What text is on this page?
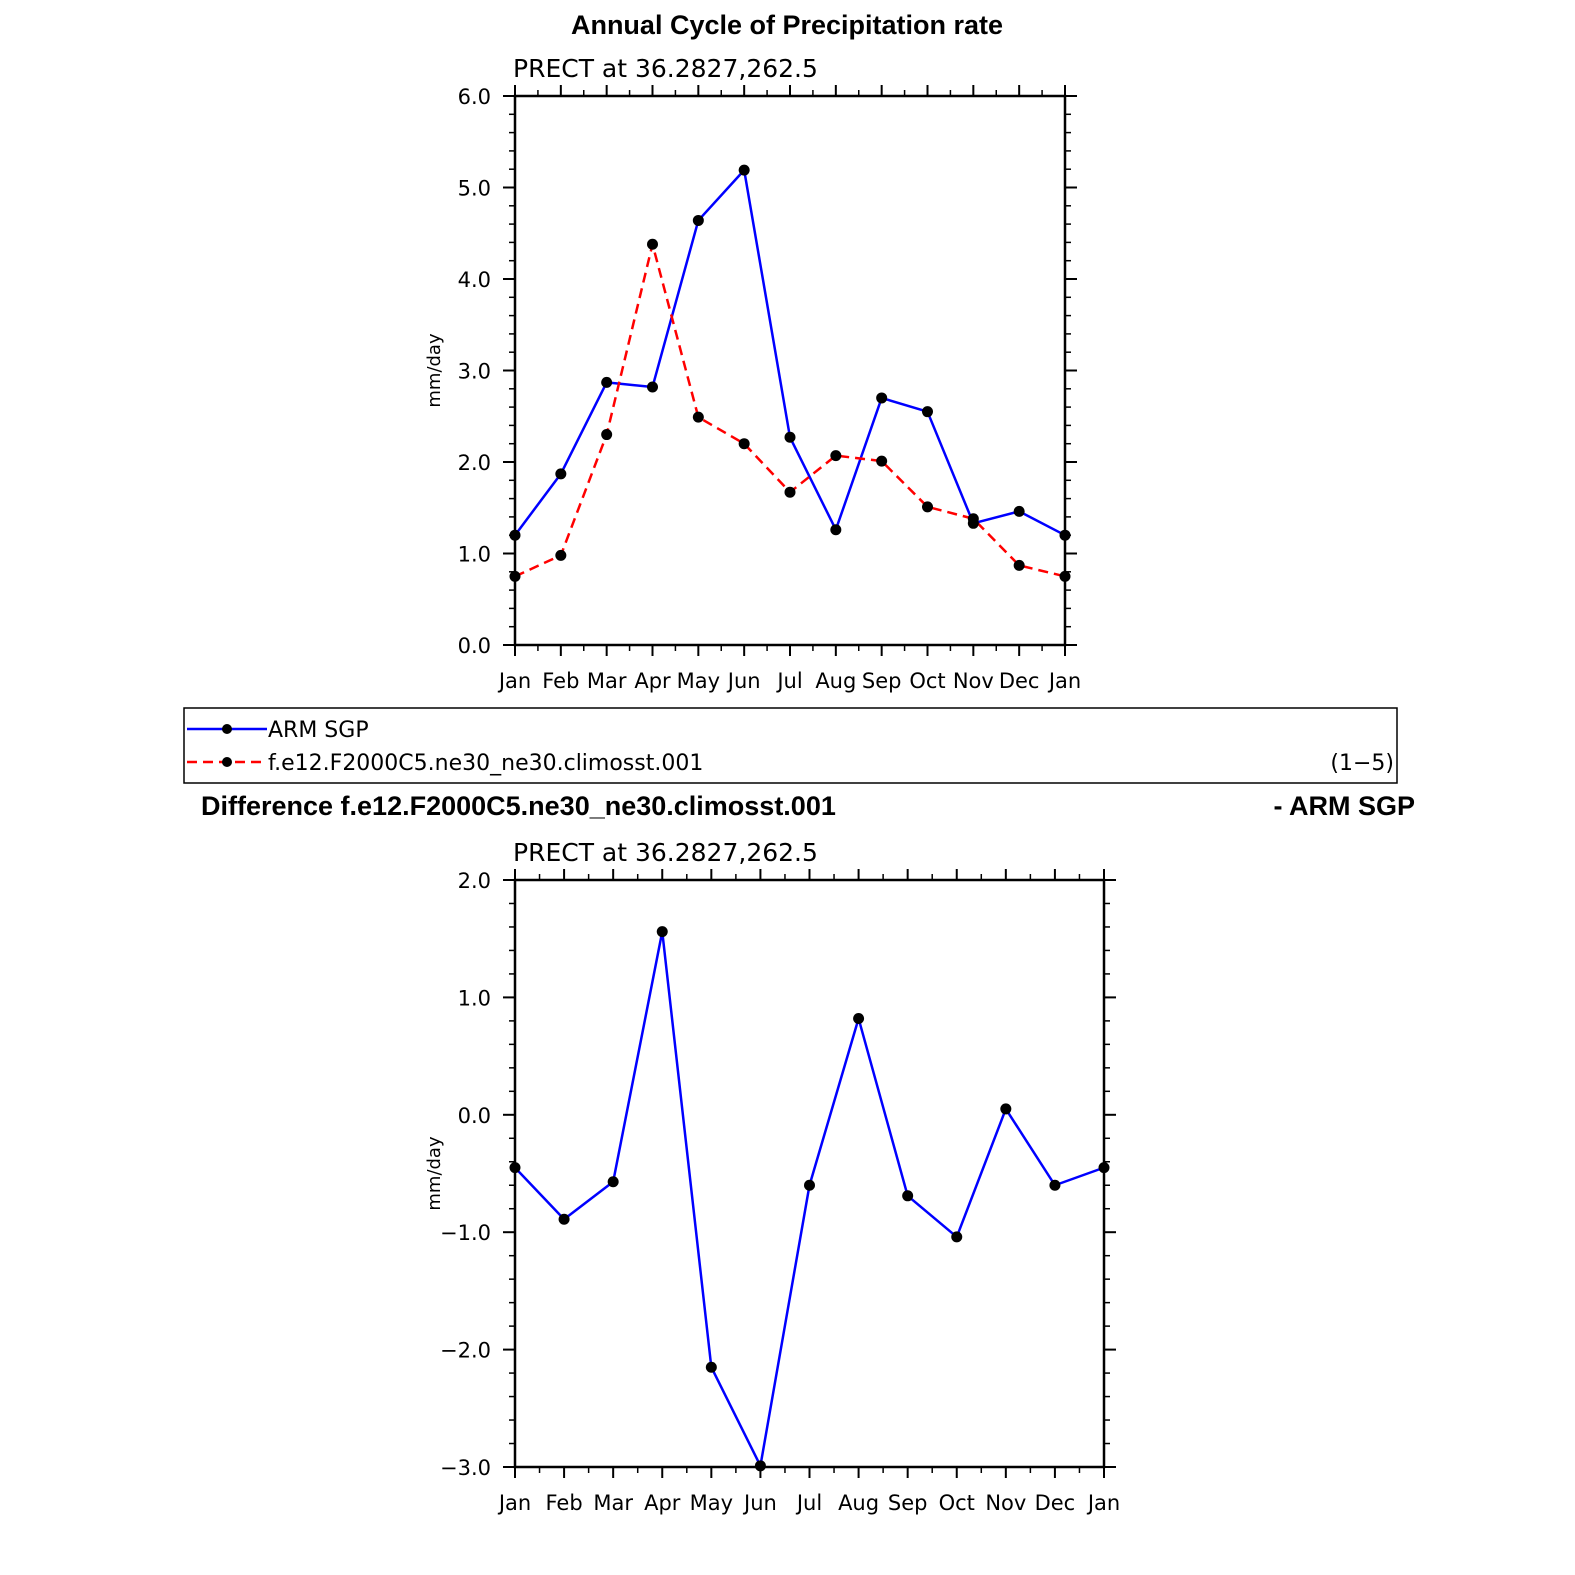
Annual Cycle of Precipitation rate
PRECT at 36.2827,262.5
mm/day
Jan Feb Mar Apr May Jun Jul Aug Sep Oct Nov Dec Jan
0.0
1.0
2.0
3.0
4.0
5.0
6.0
ARM SGP
f.e12.F2000C5.ne30_ne30.climosst.001	(1−5)
Difference f.e12.F2000C5.ne30_ne30.climosst.001	- ARM SGP
PRECT at 36.2827,262.5
mm/day
Jan Feb Mar Apr May Jun Jul Aug Sep Oct Nov Dec Jan
−3.0
−2.0
−1.0
0.0
1.0
2.0
